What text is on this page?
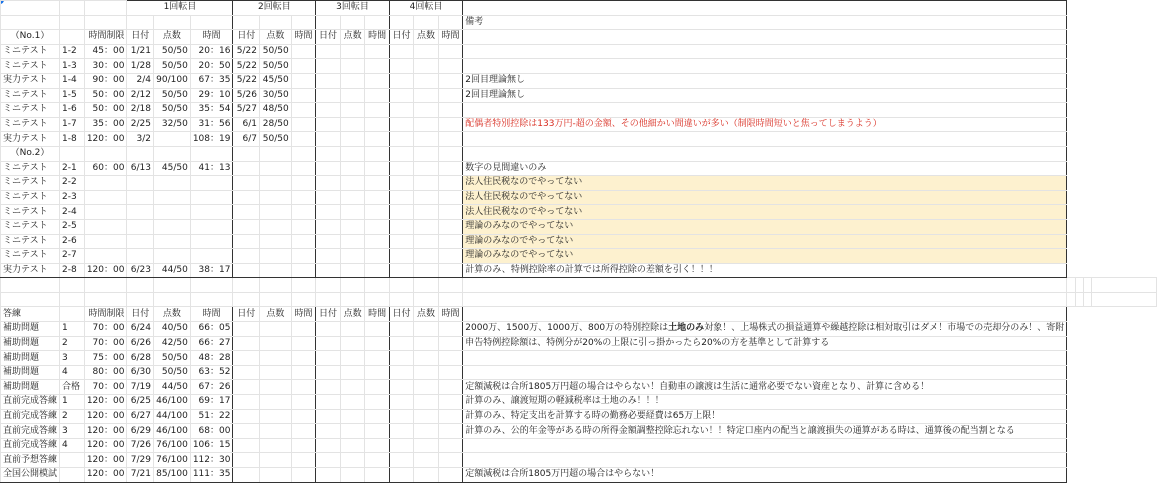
			1回転目			2回転目			3回転目			4回転目							
															備考				
（No.1）		時間制限	日付	点数	時間	日付	点数	時間	日付	点数	時間	日付	点数	時間					
ミニテスト	1-2	45：00	1/21	50/50	20：16	5/22	50/50												
ミニテスト	1-3	30：00	1/28	50/50	20：50	5/22	50/50												
実力テスト	1-4	90：00	2/4	90/100	67：35	5/22	45/50								2回目理論無し				
ミニテスト	1-5	50：00	2/12	50/50	29：10	5/26	30/50								2回目理論無し				
ミニテスト	1-6	50：00	2/18	50/50	35：54	5/27	48/50												
ミニテスト	1-7	35：00	2/25	32/50	31：56	6/1	28/50								配偶者特別控除は133万円-超の金額、その他細かい間違いが多い（制限時間短いと焦ってしまうよう）				
実力テスト	1-8	120：00	3/2		108：19	6/7	50/50												
（No.2）																			
ミニテスト	2-1	60：00	6/13	45/50	41：13										数字の見間違いのみ				
ミニテスト	2-2														法人住民税なのでやってない				
ミニテスト	2-3														法人住民税なのでやってない				
ミニテスト	2-4														法人住民税なのでやってない				
ミニテスト	2-5														理論のみなのでやってない				
ミニテスト	2-6														理論のみなのでやってない				
ミニテスト	2-7														理論のみなのでやってない				
実力テスト	2-8	120：00	6/23	44/50	38：17										計算のみ、特例控除率の計算では所得控除の差額を引く！！！				

答練		時間制限	日付	点数	時間	日付	点数	時間	日付	点数	時間	日付	点数	時間					
補助問題	1	70：00	6/24	40/50	66：05										2000万、1500万、1000万、800万の特別控除は土地のみ対象！、上場株式の損益通算や繰越控除は相対取引はダメ！市場での売却分のみ！、寄附				
補助問題	2	70：00	6/26	42/50	66：27										申告特例控除額は、特例分が20%の上限に引っ掛かったら20%の方を基準として計算する				
補助問題	3	75：00	6/28	50/50	48：28														
補助問題	4	80：00	6/30	50/50	63：52														
補助問題	合格	70：00	7/19	44/50	67：26										定額減税は合所1805万円超の場合はやらない！自動車の譲渡は生活に通常必要でない資産となり、計算に含める！				
直前完成答練	1	120：00	6/25	46/100	69：17										計算のみ、譲渡短期の軽減税率は土地のみ！！！				
直前完成答練	2	120：00	6/27	44/100	51：22										計算のみ、特定支出を計算する時の勤務必要経費は65万上限！				
直前完成答練	3	120：00	6/29	46/100	68：00										計算のみ、公的年金等がある時の所得金額調整控除忘れない！！特定口座内の配当と譲渡損失の通算がある時は、通算後の配当割となる				
直前完成答練	4	120：00	7/26	76/100	106：15														
直前予想答練		120：00	7/29	76/100	112：30														
全国公開模試		120：00	7/21	85/100	111：35										定額減税は合所1805万円超の場合はやらない！				
